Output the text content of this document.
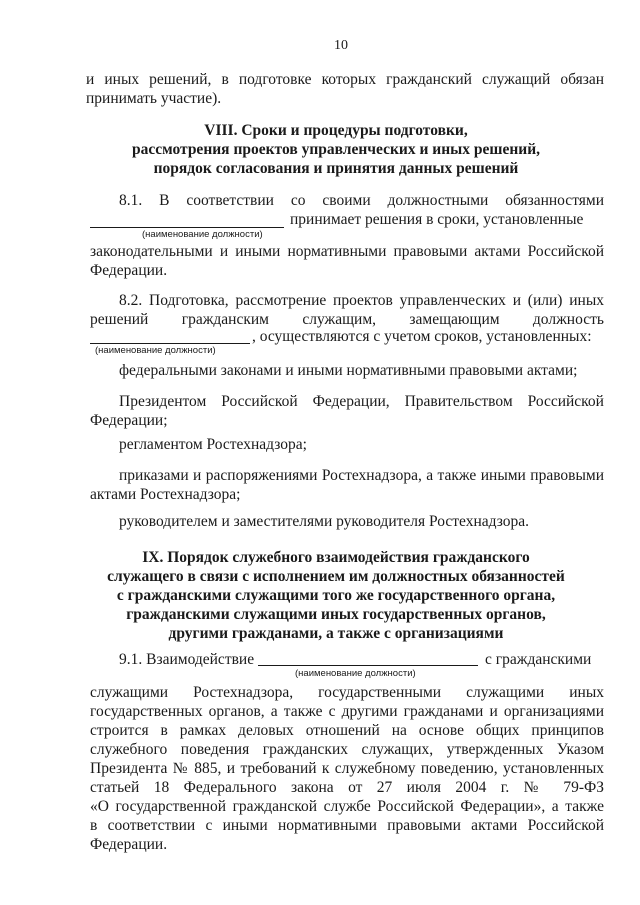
10
и иных решений, в подготовке которых гражданский служащий обязан
принимать участие).
VIII. Сроки и процедуры подготовки,
рассмотрения проектов управленческих и иных решений,
порядок согласования и принятия данных решений
8.1. В соответствии со своими должностными обязанностями
принимает решения в сроки, установленные
(наименование должности)
законодательными и иными нормативными правовыми актами Российской
Федерации.
8.2. Подготовка, рассмотрение проектов управленческих и (или) иных
решений гражданским служащим, замещающим должность
, осуществляются с учетом сроков, установленных:
(наименование должности)
федеральными законами и иными нормативными правовыми актами;
Президентом Российской Федерации, Правительством Российской
Федерации;
регламентом Ростехнадзора;
приказами и распоряжениями Ростехнадзора, а также иными правовыми
актами Ростехнадзора;
руководителем и заместителями руководителя Ростехнадзора.
IX. Порядок служебного взаимодействия гражданского
служащего в связи с исполнением им должностных обязанностей
с гражданскими служащими того же государственного органа,
гражданскими служащими иных государственных органов,
другими гражданами, а также с организациями
9.1. Взаимодействие	с гражданскими
(наименование должности)
служащими Ростехнадзора, государственными служащими иных
государственных органов, а также с другими гражданами и организациями
строится в рамках деловых отношений на основе общих принципов
служебного поведения гражданских служащих, утвержденных Указом
Президента № 885, и требований к служебному поведению, установленных
статьей 18 Федерального закона от 27 июля 2004 г. № 79-ФЗ
«О государственной гражданской службе Российской Федерации», а также
в соответствии с иными нормативными правовыми актами Российской
Федерации.
